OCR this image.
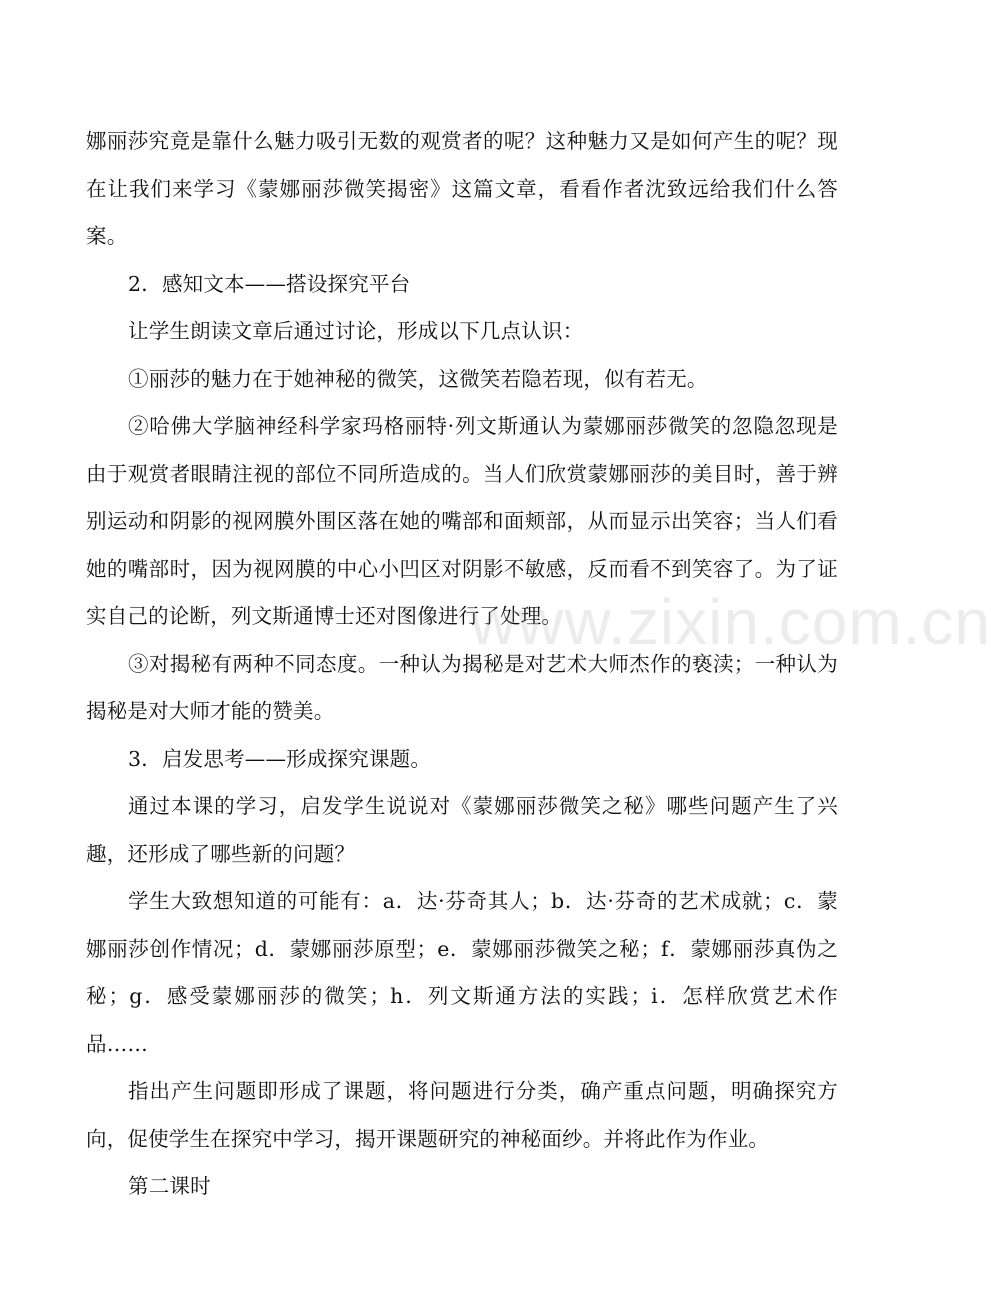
娜丽莎究竟是靠什么魅力吸引无数的观赏者的呢？这种魅力又是如何产生的呢？现在让我们来学习《蒙娜丽莎微笑揭密》这篇文章，看看作者沈致远给我们什么答案。

2．感知文本——搭设探究平台

让学生朗读文章后通过讨论，形成以下几点认识：

①丽莎的魅力在于她神秘的微笑，这微笑若隐若现，似有若无。

②哈佛大学脑神经科学家玛格丽特·列文斯通认为蒙娜丽莎微笑的忽隐忽现是由于观赏者眼睛注视的部位不同所造成的。当人们欣赏蒙娜丽莎的美目时，善于辨别运动和阴影的视网膜外围区落在她的嘴部和面颊部，从而显示出笑容；当人们看她的嘴部时，因为视网膜的中心小凹区对阴影不敏感，反而看不到笑容了。为了证实自己的论断，列文斯通博士还对图像进行了处理。

③对揭秘有两种不同态度。一种认为揭秘是对艺术大师杰作的亵渎；一种认为揭秘是对大师才能的赞美。

3．启发思考——形成探究课题。

通过本课的学习，启发学生说说对《蒙娜丽莎微笑之秘》哪些问题产生了兴趣，还形成了哪些新的问题？

学生大致想知道的可能有：a．达·芬奇其人；b．达·芬奇的艺术成就；c．蒙娜丽莎创作情况；d．蒙娜丽莎原型；e．蒙娜丽莎微笑之秘；f．蒙娜丽莎真伪之秘；g．感受蒙娜丽莎的微笑；h．列文斯通方法的实践；i．怎样欣赏艺术作品……

指出产生问题即形成了课题，将问题进行分类，确产重点问题，明确探究方向，促使学生在探究中学习，揭开课题研究的神秘面纱。并将此作为作业。

第二课时

www.zixin.com.cn
